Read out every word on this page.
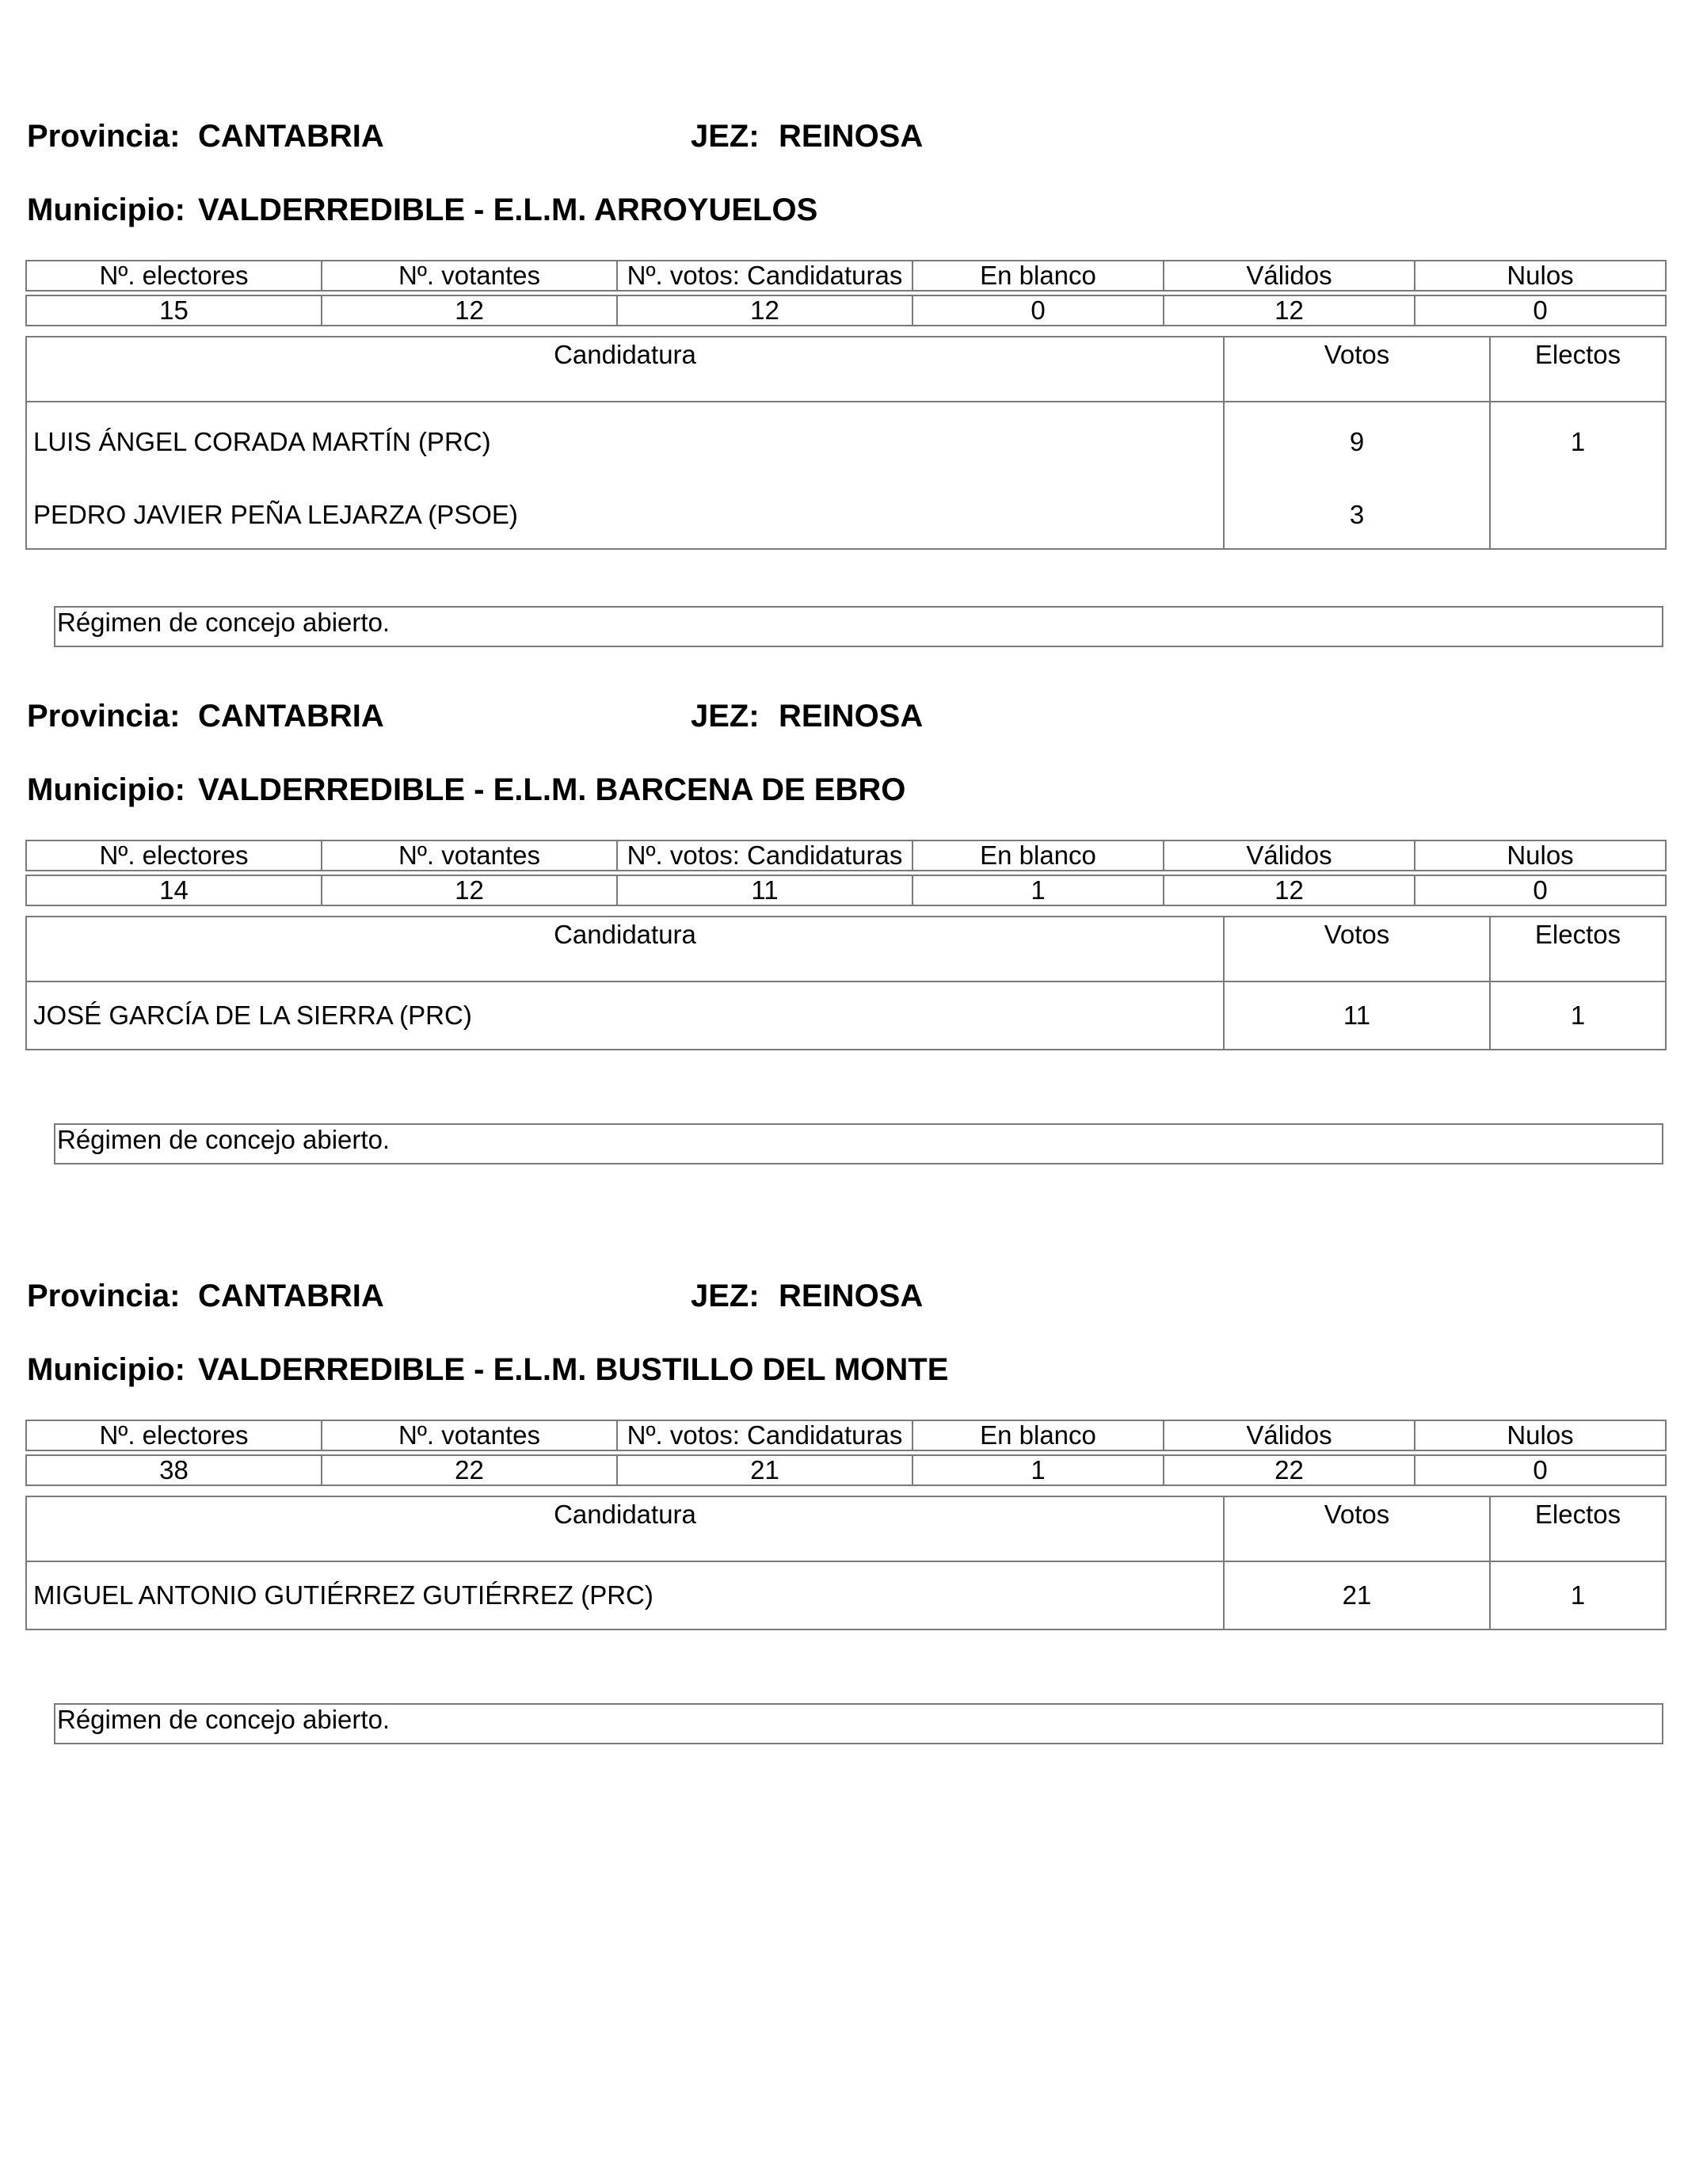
Provincia: CANTABRIA	JEZ: REINOSA
Municipio: VALDERREDIBLE - E.L.M. ARROYUELOS
Nº. electores	Nº. votantes	Nº. votos: Candidaturas	En blanco	Válidos	Nulos

15	12	12	0	12	0
Candidatura	Votos	Electos
LUIS ÁNGEL CORADA MARTÍN (PRC)	9	1
PEDRO JAVIER PEÑA LEJARZA (PSOE)	3	
Régimen de concejo abierto.
Provincia: CANTABRIA	JEZ: REINOSA
Municipio: VALDERREDIBLE - E.L.M. BARCENA DE EBRO
Nº. electores	Nº. votantes	Nº. votos: Candidaturas	En blanco	Válidos	Nulos

14	12	11	1	12	0
Candidatura	Votos	Electos
JOSÉ GARCÍA DE LA SIERRA (PRC)	11	1
Régimen de concejo abierto.
Provincia: CANTABRIA	JEZ: REINOSA
Municipio: VALDERREDIBLE - E.L.M. BUSTILLO DEL MONTE
Nº. electores	Nº. votantes	Nº. votos: Candidaturas	En blanco	Válidos	Nulos

38	22	21	1	22	0
Candidatura	Votos	Electos
MIGUEL ANTONIO GUTIÉRREZ GUTIÉRREZ (PRC)	21	1
Régimen de concejo abierto.
